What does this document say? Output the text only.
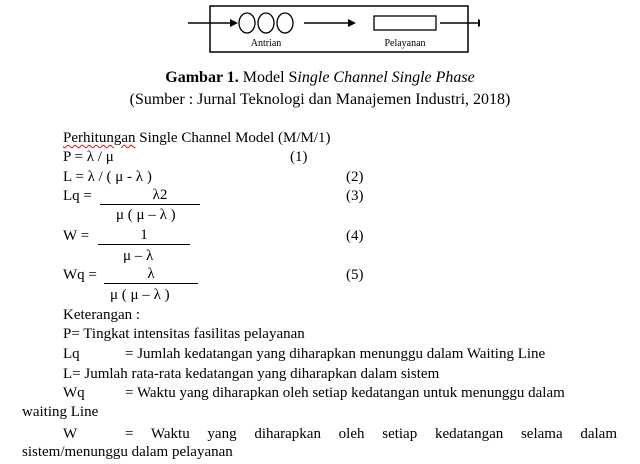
Antrian	Pelayanan
Gambar 1. Model Single Channel Single Phase
(Sumber : Jurnal Teknologi dan Manajemen Industri, 2018)
Perhitungan Single Channel Model (M/M/1)
P = λ / μ	(1)
L = λ / ( μ - λ )	(2)
Lq =	λ2
μ ( μ – λ )
(3)
W =	1
μ – λ
(4)
Wq =	λ
μ ( μ – λ )
(5)
Keterangan :
P= Tingkat intensitas fasilitas pelayanan
Lq	= Jumlah kedatangan yang diharapkan menunggu dalam Waiting Line
L= Jumlah rata-rata kedatangan yang diharapkan dalam sistem
Wq	= Waktu yang diharapkan oleh setiap kedatangan untuk menunggu dalam
waiting Line
W	= Waktu yang diharapkan oleh setiap kedatangan selama dalam
sistem/menunggu dalam pelayanan
